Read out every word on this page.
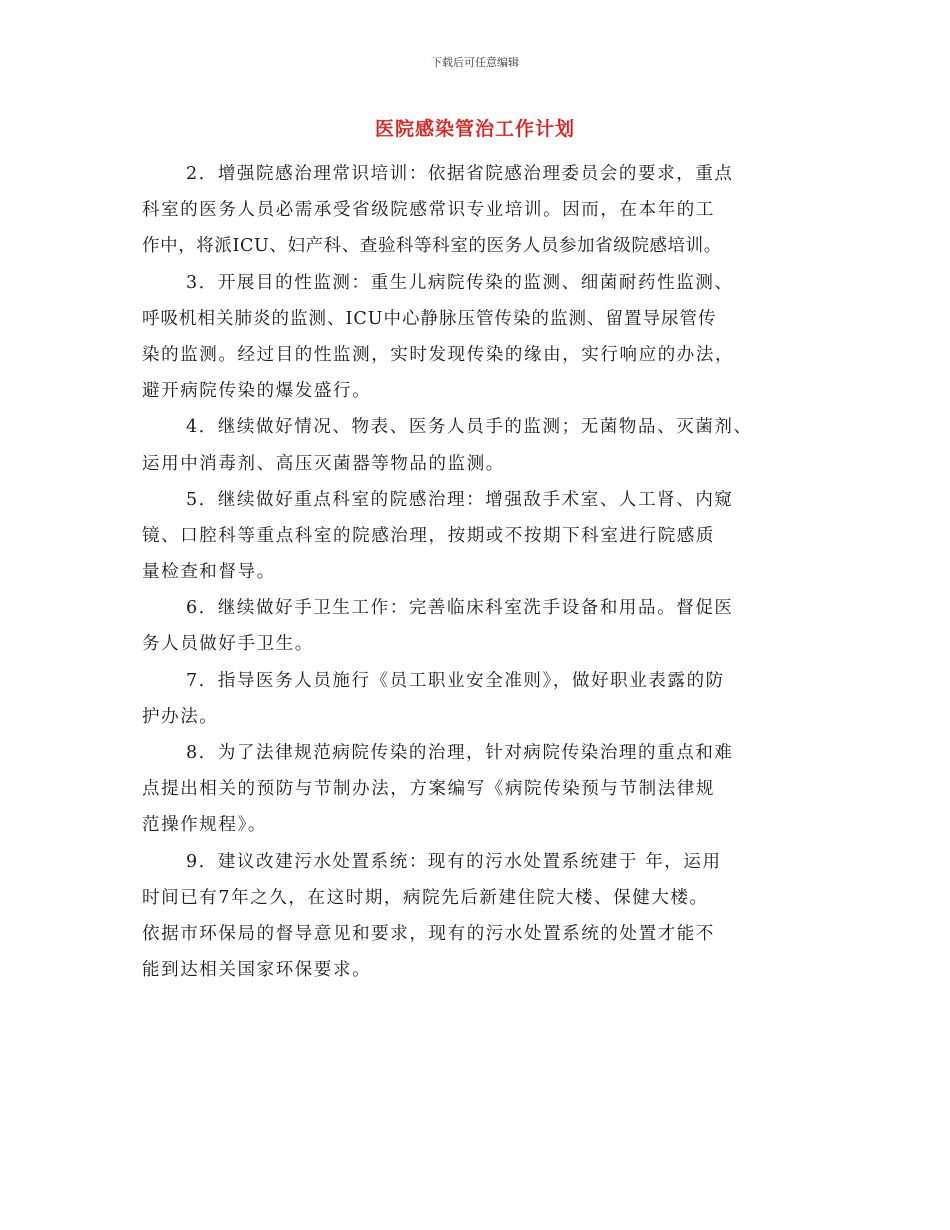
下载后可任意编辑
医院感染管治工作计划
2．增强院感治理常识培训：依据省院感治理委员会的要求，重点
科室的医务人员必需承受省级院感常识专业培训。因而，在本年的工
作中，将派ICU、妇产科、查验科等科室的医务人员参加省级院感培训。
3．开展目的性监测：重生儿病院传染的监测、细菌耐药性监测、
呼吸机相关肺炎的监测、ICU中心静脉压管传染的监测、留置导尿管传
染的监测。经过目的性监测，实时发现传染的缘由，实行响应的办法，
避开病院传染的爆发盛行。
4．继续做好情况、物表、医务人员手的监测；无菌物品、灭菌剂、
运用中消毒剂、高压灭菌器等物品的监测。
5．继续做好重点科室的院感治理：增强敌手术室、人工肾、内窥
镜、口腔科等重点科室的院感治理，按期或不按期下科室进行院感质
量检查和督导。
6．继续做好手卫生工作：完善临床科室洗手设备和用品。督促医
务人员做好手卫生。
7．指导医务人员施行《员工职业安全准则》，做好职业表露的防
护办法。
8．为了法律规范病院传染的治理，针对病院传染治理的重点和难
点提出相关的预防与节制办法，方案编写《病院传染预与节制法律规
范操作规程》。
9．建议改建污水处置系统：现有的污水处置系统建于 年，运用
时间已有7年之久，在这时期，病院先后新建住院大楼、保健大楼。
依据市环保局的督导意见和要求，现有的污水处置系统的处置才能不
能到达相关国家环保要求。
